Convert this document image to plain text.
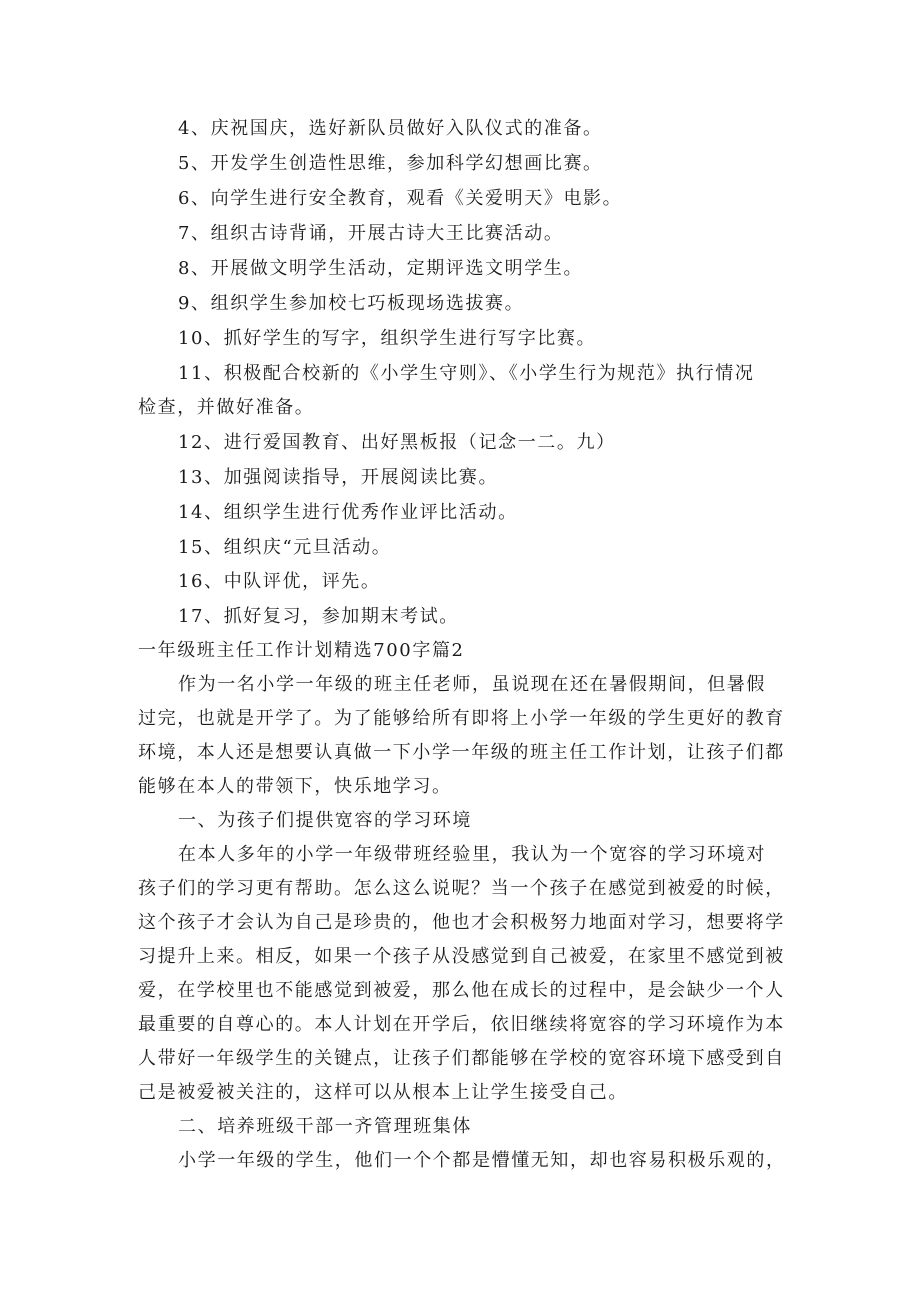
4、庆祝国庆，选好新队员做好入队仪式的准备。
5、开发学生创造性思维，参加科学幻想画比赛。
6、向学生进行安全教育，观看《关爱明天》电影。
7、组织古诗背诵，开展古诗大王比赛活动。
8、开展做文明学生活动，定期评选文明学生。
9、组织学生参加校七巧板现场选拔赛。
10、抓好学生的写字，组织学生进行写字比赛。
11、积极配合校新的《小学生守则》、《小学生行为规范》执行情况
检查，并做好准备。
12、进行爱国教育、出好黑板报（记念一二。九）
13、加强阅读指导，开展阅读比赛。
14、组织学生进行优秀作业评比活动。
15、组织庆“元旦活动。
16、中队评优，评先。
17、抓好复习，参加期末考试。
一年级班主任工作计划精选700字篇2
作为一名小学一年级的班主任老师，虽说现在还在暑假期间，但暑假
过完，也就是开学了。为了能够给所有即将上小学一年级的学生更好的教育
环境，本人还是想要认真做一下小学一年级的班主任工作计划，让孩子们都
能够在本人的带领下，快乐地学习。
一、为孩子们提供宽容的学习环境
在本人多年的小学一年级带班经验里，我认为一个宽容的学习环境对
孩子们的学习更有帮助。怎么这么说呢？当一个孩子在感觉到被爱的时候，
这个孩子才会认为自己是珍贵的，他也才会积极努力地面对学习，想要将学
习提升上来。相反，如果一个孩子从没感觉到自己被爱，在家里不感觉到被
爱，在学校里也不能感觉到被爱，那么他在成长的过程中，是会缺少一个人
最重要的自尊心的。本人计划在开学后，依旧继续将宽容的学习环境作为本
人带好一年级学生的关键点，让孩子们都能够在学校的宽容环境下感受到自
己是被爱被关注的，这样可以从根本上让学生接受自己。
二、培养班级干部一齐管理班集体
小学一年级的学生，他们一个个都是懵懂无知，却也容易积极乐观的，
